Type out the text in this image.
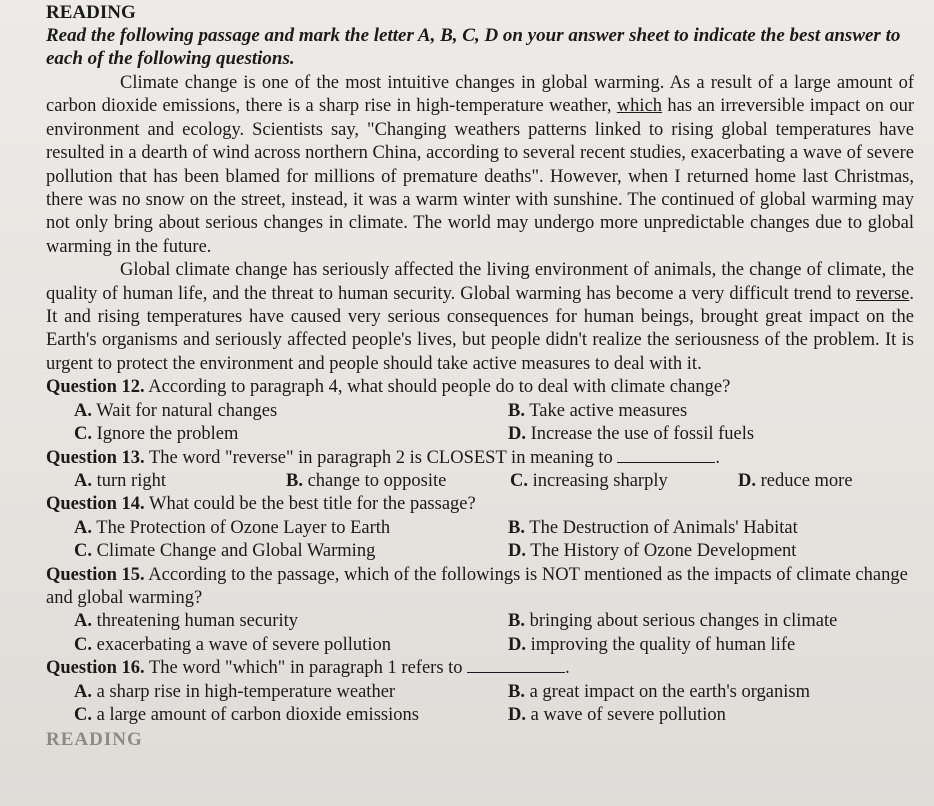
READING

Read the following passage and mark the letter A, B, C, D on your answer sheet to indicate the best answer to each of the following questions.

Climate change is one of the most intuitive changes in global warming. As a result of a large amount of carbon dioxide emissions, there is a sharp rise in high-temperature weather, which has an irreversible impact on our environment and ecology. Scientists say, "Changing weathers patterns linked to rising global temperatures have resulted in a dearth of wind across northern China, according to several recent studies, exacerbating a wave of severe pollution that has been blamed for millions of premature deaths". However, when I returned home last Christmas, there was no snow on the street, instead, it was a warm winter with sunshine. The continued of global warming may not only bring about serious changes in climate. The world may undergo more unpredictable changes due to global warming in the future.

Global climate change has seriously affected the living environment of animals, the change of climate, the quality of human life, and the threat to human security. Global warming has become a very difficult trend to reverse. It and rising temperatures have caused very serious consequences for human beings, brought great impact on the Earth's organisms and seriously affected people's lives, but people didn't realize the seriousness of the problem. It is urgent to protect the environment and people should take active measures to deal with it.

Question 12. According to paragraph 4, what should people do to deal with climate change?

A. Wait for natural changes	B. Take active measures
C. Ignore the problem	D. Increase the use of fossil fuels

Question 13. The word "reverse" in paragraph 2 is CLOSEST in meaning to	.

A. turn right	B. change to opposite	C. increasing sharply	D. reduce more

Question 14. What could be the best title for the passage?

A. The Protection of Ozone Layer to Earth	B. The Destruction of Animals' Habitat
C. Climate Change and Global Warming	D. The History of Ozone Development

Question 15. According to the passage, which of the followings is NOT mentioned as the impacts of climate change and global warming?

A. threatening human security	B. bringing about serious changes in climate
C. exacerbating a wave of severe pollution	D. improving the quality of human life

Question 16. The word "which" in paragraph 1 refers to	.

A. a sharp rise in high-temperature weather	B. a great impact on the earth's organism
C. a large amount of carbon dioxide emissions	D. a wave of severe pollution
READING
